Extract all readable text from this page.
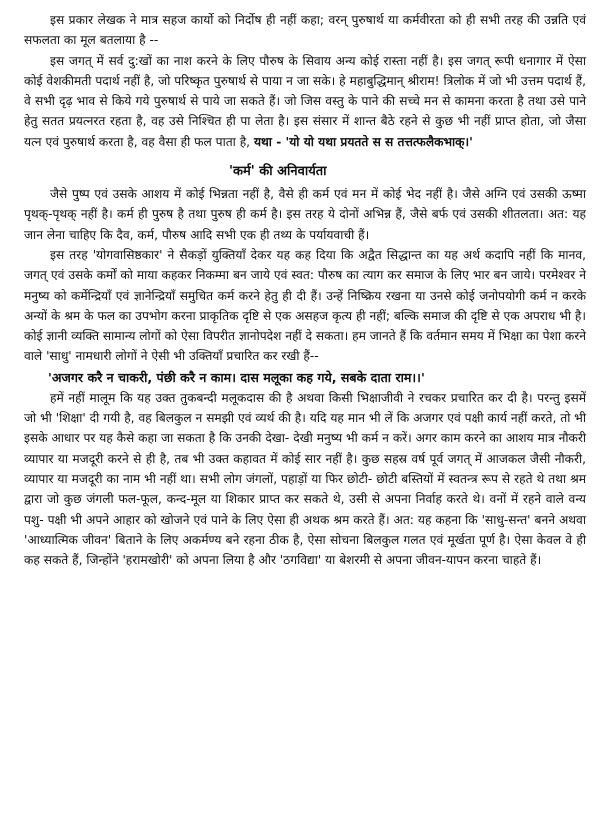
इस प्रकार लेखक ने मात्र सहज कार्यो को निर्दोष ही नहीं कहा; वरन् पुरुषार्थ या कर्मवीरता को ही सभी तरह की उन्नति एवं सफलता का मूल बतलाया है --

इस जगत् में सर्व दु:खों का नाश करने के लिए पौरुष के सिवाय अन्य कोई रास्ता नहीं है। इस जगत् रूपी धनागार में ऐसा कोई वेशकीमती पदार्थ नहीं है, जो परिष्कृत पुरुषार्थ से पाया न जा सके। हे महाबुद्धिमान् श्रीराम! त्रिलोक में जो भी उत्तम पदार्थ हैं, वे सभी दृढ़ भाव से किये गये पुरुषार्थ से पाये जा सकते हैं। जो जिस वस्तु के पाने की सच्चे मन से कामना करता है तथा उसे पाने हेतु सतत प्रयत्नरत रहता है, वह उसे निश्चित ही पा लेता है। इस संसार में शान्त बैठे रहने से कुछ भी नहीं प्राप्त होता, जो जैसा यत्न एवं पुरुषार्थ करता है, वह वैसा ही फल पाता है, यथा - 'यो यो यथा प्रयतते स स तत्तत्फलैकभाक्।'

'कर्म' की अनिवार्यता

जैसे पुष्प एवं उसके आशय में कोई भिन्नता नहीं है, वैसे ही कर्म एवं मन में कोई भेद नहीं है। जैसे अग्नि एवं उसकी ऊष्मा पृथक्-पृथक् नहीं है। कर्म ही पुरुष है तथा पुरुष ही कर्म है। इस तरह ये दोनों अभिन्न हैं, जैसे बर्फ एवं उसकी शीतलता। अत: यह जान लेना चाहिए कि दैव, कर्म, पौरुष आदि सभी एक ही तथ्य के पर्यायवाची हैं।

इस तरह 'योगवासिष्ठकार' ने सैकड़ों युक्तियाँ देकर यह कह दिया कि अद्वैत सिद्धान्त का यह अर्थ कदापि नहीं कि मानव, जगत् एवं उसके कर्मों को माया कहकर निकम्मा बन जाये एवं स्वत: पौरुष का त्याग कर समाज के लिए भार बन जाये। परमेश्वर ने मनुष्य को कर्मेन्द्रियाँ एवं ज्ञानेन्द्रियाँ समुचित कर्म करने हेतु ही दी हैं। उन्हें निष्क्रिय रखना या उनसे कोई जनोपयोगी कर्म न करके अन्यों के श्रम के फल का उपभोग करना प्राकृतिक दृष्टि से एक असहज कृत्य ही नहीं; बल्कि समाज की दृष्टि से एक अपराध भी है। कोई ज्ञानी व्यक्ति सामान्य लोगों को ऐसा विपरीत ज्ञानोपदेश नहीं दे सकता। हम जानते हैं कि वर्तमान समय में भिक्षा का पेशा करने वाले 'साधु' नामधारी लोगों ने ऐसी भी उक्तियाँ प्रचारित कर रखी हैं--

'अजगर करै न चाकरी, पंछी करै न काम। दास मलूका कह गये, सबके दाता राम।।'

हमें नहीं मालूम कि यह उक्त तुकबन्दी मलूकदास की है अथवा किसी भिक्षाजीवी ने रचकर प्रचारित कर दी है। परन्तु इसमें जो भी 'शिक्षा' दी गयी है, वह बिलकुल न समझी एवं व्यर्थ की है। यदि यह मान भी लें कि अजगर एवं पक्षी कार्य नहीं करते, तो भी इसके आधार पर यह कैसे कहा जा सकता है कि उनकी देखा- देखी मनुष्य भी कर्म न करें। अगर काम करने का आशय मात्र नौकरी व्यापार या मजदूरी करने से ही है, तब भी उक्त कहावत में कोई सार नहीं है। कुछ सहस्र वर्ष पूर्व जगत् में आजकल जैसी नौकरी, व्यापार या मजदूरी का नाम भी नहीं था। सभी लोग जंगलों, पहाड़ों या फिर छोटी- छोटी बस्तियों में स्वतन्त्र रूप से रहते थे तथा श्रम द्वारा जो कुछ जंगली फल-फूल, कन्द-मूल या शिकार प्राप्त कर सकते थे, उसी से अपना निर्वाह करते थे। वनों में रहने वाले वन्य पशु- पक्षी भी अपने आहार को खोजने एवं पाने के लिए ऐसा ही अथक श्रम करते हैं। अत: यह कहना कि 'साधु-सन्त' बनने अथवा 'आध्यात्मिक जीवन' बिताने के लिए अकर्मण्य बने रहना ठीक है, ऐसा सोचना बिलकुल गलत एवं मूर्खता पूर्ण है। ऐसा केवल वे ही कह सकते हैं, जिन्होंने 'हरामखोरी' को अपना लिया है और 'ठगविद्या' या बेशरमी से अपना जीवन-यापन करना चाहते हैं।
